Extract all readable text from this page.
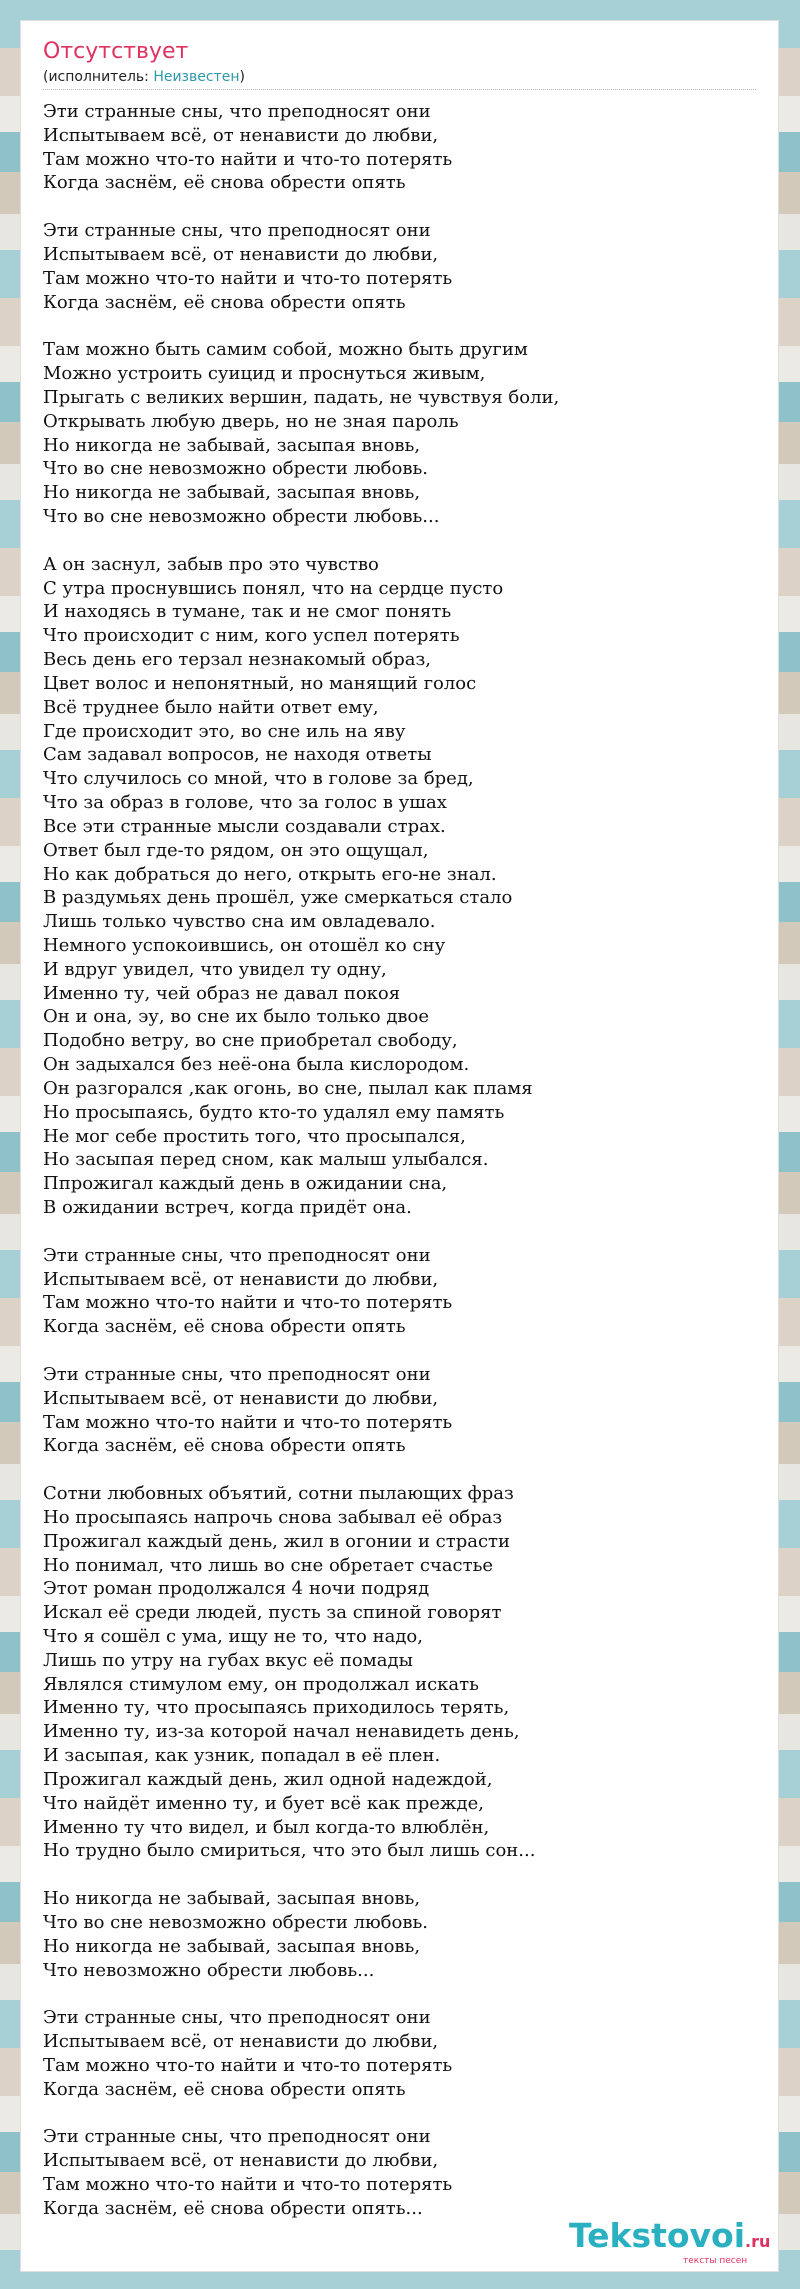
Отсутствует
(исполнитель: Неизвестен)
Эти странные сны, что преподносят они
Испытываем всё, от ненависти до любви,
Там можно что-то найти и что-то потерять
Когда заснём, её снова обрести опять
Эти странные сны, что преподносят они
Испытываем всё, от ненависти до любви,
Там можно что-то найти и что-то потерять
Когда заснём, её снова обрести опять
Там можно быть самим собой, можно быть другим
Можно устроить суицид и проснуться живым,
Прыгать с великих вершин, падать, не чувствуя боли,
Открывать любую дверь, но не зная пароль
Но никогда не забывай, засыпая вновь,
Что во сне невозможно обрести любовь.
Но никогда не забывай, засыпая вновь,
Что во сне невозможно обрести любовь...
А он заснул, забыв про это чувство
С утра проснувшись понял, что на сердце пусто
И находясь в тумане, так и не смог понять
Что происходит с ним, кого успел потерять
Весь день его терзал незнакомый образ,
Цвет волос и непонятный, но манящий голос
Всё труднее было найти ответ ему,
Где происходит это, во сне иль на яву
Сам задавал вопросов, не находя ответы
Что случилось со мной, что в голове за бред,
Что за образ в голове, что за голос в ушах
Все эти странные мысли создавали страх.
Ответ был где-то рядом, он это ощущал,
Но как добраться до него, открыть его-не знал.
В раздумьях день прошёл, уже смеркаться стало
Лишь только чувство сна им овладевало.
Немного успокоившись, он отошёл ко сну
И вдруг увидел, что увидел ту одну,
Именно ту, чей образ не давал покоя
Он и она, эу, во сне их было только двое
Подобно ветру, во сне приобретал свободу,
Он задыхался без неё-она была кислородом.
Он разгорался ,как огонь, во сне, пылал как пламя
Но просыпаясь, будто кто-то удалял ему память
Не мог себе простить того, что просыпался,
Но засыпая перед сном, как малыш улыбался.
Ппрожигал каждый день в ожидании сна,
В ожидании встреч, когда придёт она.
Эти странные сны, что преподносят они
Испытываем всё, от ненависти до любви,
Там можно что-то найти и что-то потерять
Когда заснём, её снова обрести опять
Эти странные сны, что преподносят они
Испытываем всё, от ненависти до любви,
Там можно что-то найти и что-то потерять
Когда заснём, её снова обрести опять
Сотни любовных объятий, сотни пылающих фраз
Но просыпаясь напрочь снова забывал её образ
Прожигал каждый день, жил в огонии и страсти
Но понимал, что лишь во сне обретает счастье
Этот роман продолжался 4 ночи подряд
Искал её среди людей, пусть за спиной говорят
Что я сошёл с ума, ищу не то, что надо,
Лишь по утру на губах вкус её помады
Являлся стимулом ему, он продолжал искать
Именно ту, что просыпаясь приходилось терять,
Именно ту, из-за которой начал ненавидеть день,
И засыпая, как узник, попадал в её плен.
Прожигал каждый день, жил одной надеждой,
Что найдёт именно ту, и бует всё как прежде,
Именно ту что видел, и был когда-то влюблён,
Но трудно было смириться, что это был лишь сон...
Но никогда не забывай, засыпая вновь,
Что во сне невозможно обрести любовь.
Но никогда не забывай, засыпая вновь,
Что невозможно обрести любовь...
Эти странные сны, что преподносят они
Испытываем всё, от ненависти до любви,
Там можно что-то найти и что-то потерять
Когда заснём, её снова обрести опять
Эти странные сны, что преподносят они
Испытываем всё, от ненависти до любви,
Там можно что-то найти и что-то потерять
Когда заснём, её снова обрести опять...
Tekstovoi.ru
тексты песен
